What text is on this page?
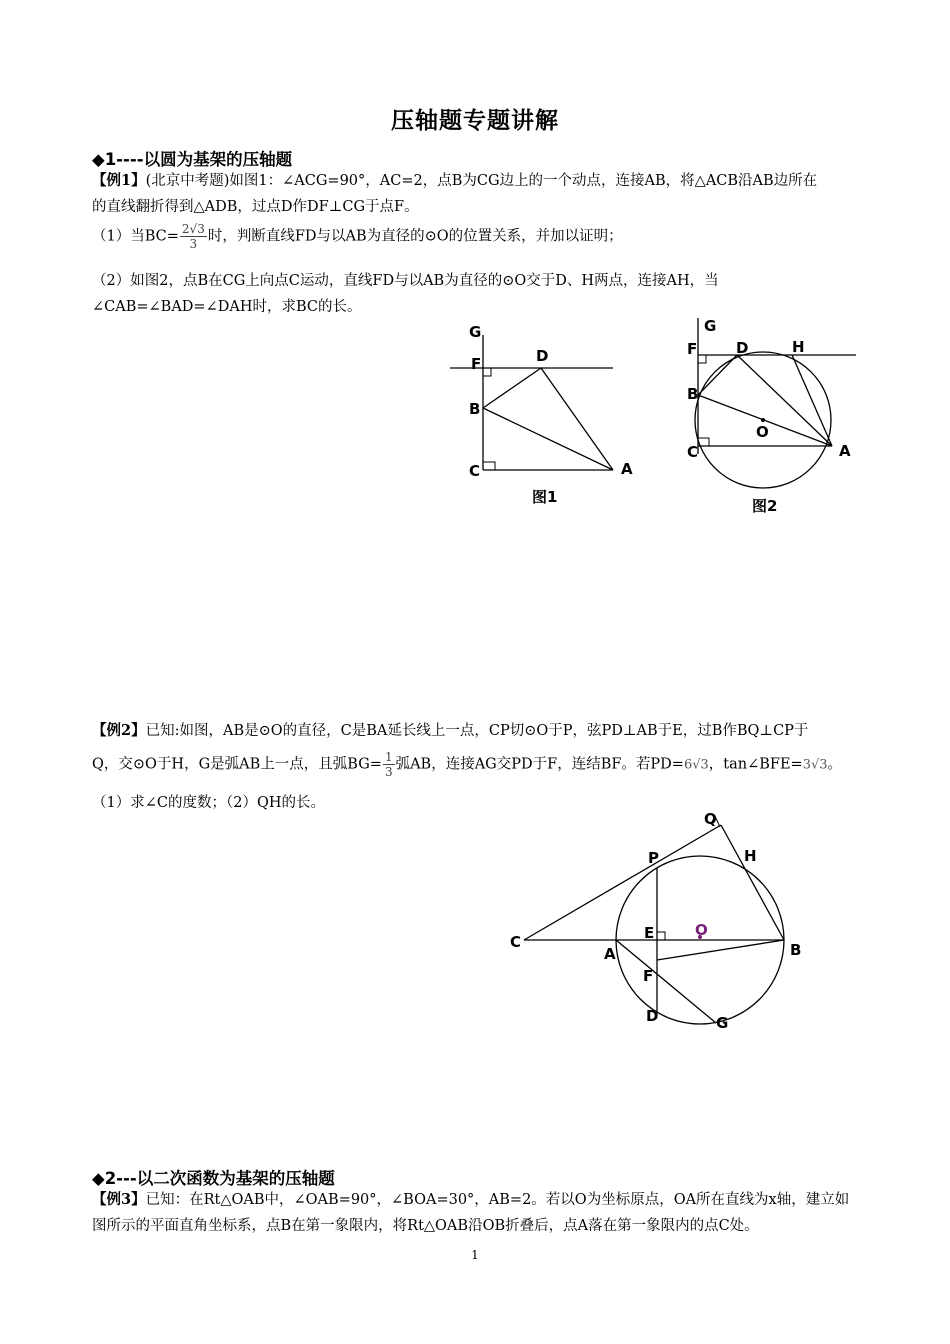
压轴题专题讲解
◆1----以圆为基架的压轴题
【例1】(北京中考题)如图1：∠ACG=90°，AC=2，点B为CG边上的一个动点，连接AB，将△ACB沿AB边所在
的直线翻折得到△ADB，过点D作DF⊥CG于点F。
（1）当$BC= \frac{2√3}{3}$ 时，判断直线FD与以AB为直径的⊙O的位置关系，并加以证明；
（2）如图2，点B在CG上向点C运动，直线FD与以AB为直径的⊙O交于D、H两点，连接AH，当
∠CAB=∠BAD=∠DAH时，求BC的长。
G
F	D
B
C	A
图1
G
F	D	H
B
O
C	A
图2
【例2】已知:如图，AB是⊙O的直径，C是BA延长线上一点，CP切⊙O于P，弦PD⊥AB于E，过B作BQ⊥CP于
Q，交⊙O于H，G是弧AB上一点，且弧$BG= \frac{1}{3}$ 弧AB，连接AG交PD于F，连结BF。若PD=6√3，tan∠BFE=3√3。
（1）求∠C的度数；（2）QH的长。
Q
P	H
C
A
E	O
B
F
D	G
◆2---以二次函数为基架的压轴题
【例3】已知：在Rt△OAB中，∠OAB=90°，∠BOA=30°，AB=2。若以O为坐标原点，OA所在直线为x轴，建立如
图所示的平面直角坐标系，点B在第一象限内，将Rt△OAB沿OB折叠后，点A落在第一象限内的点C处。
1
